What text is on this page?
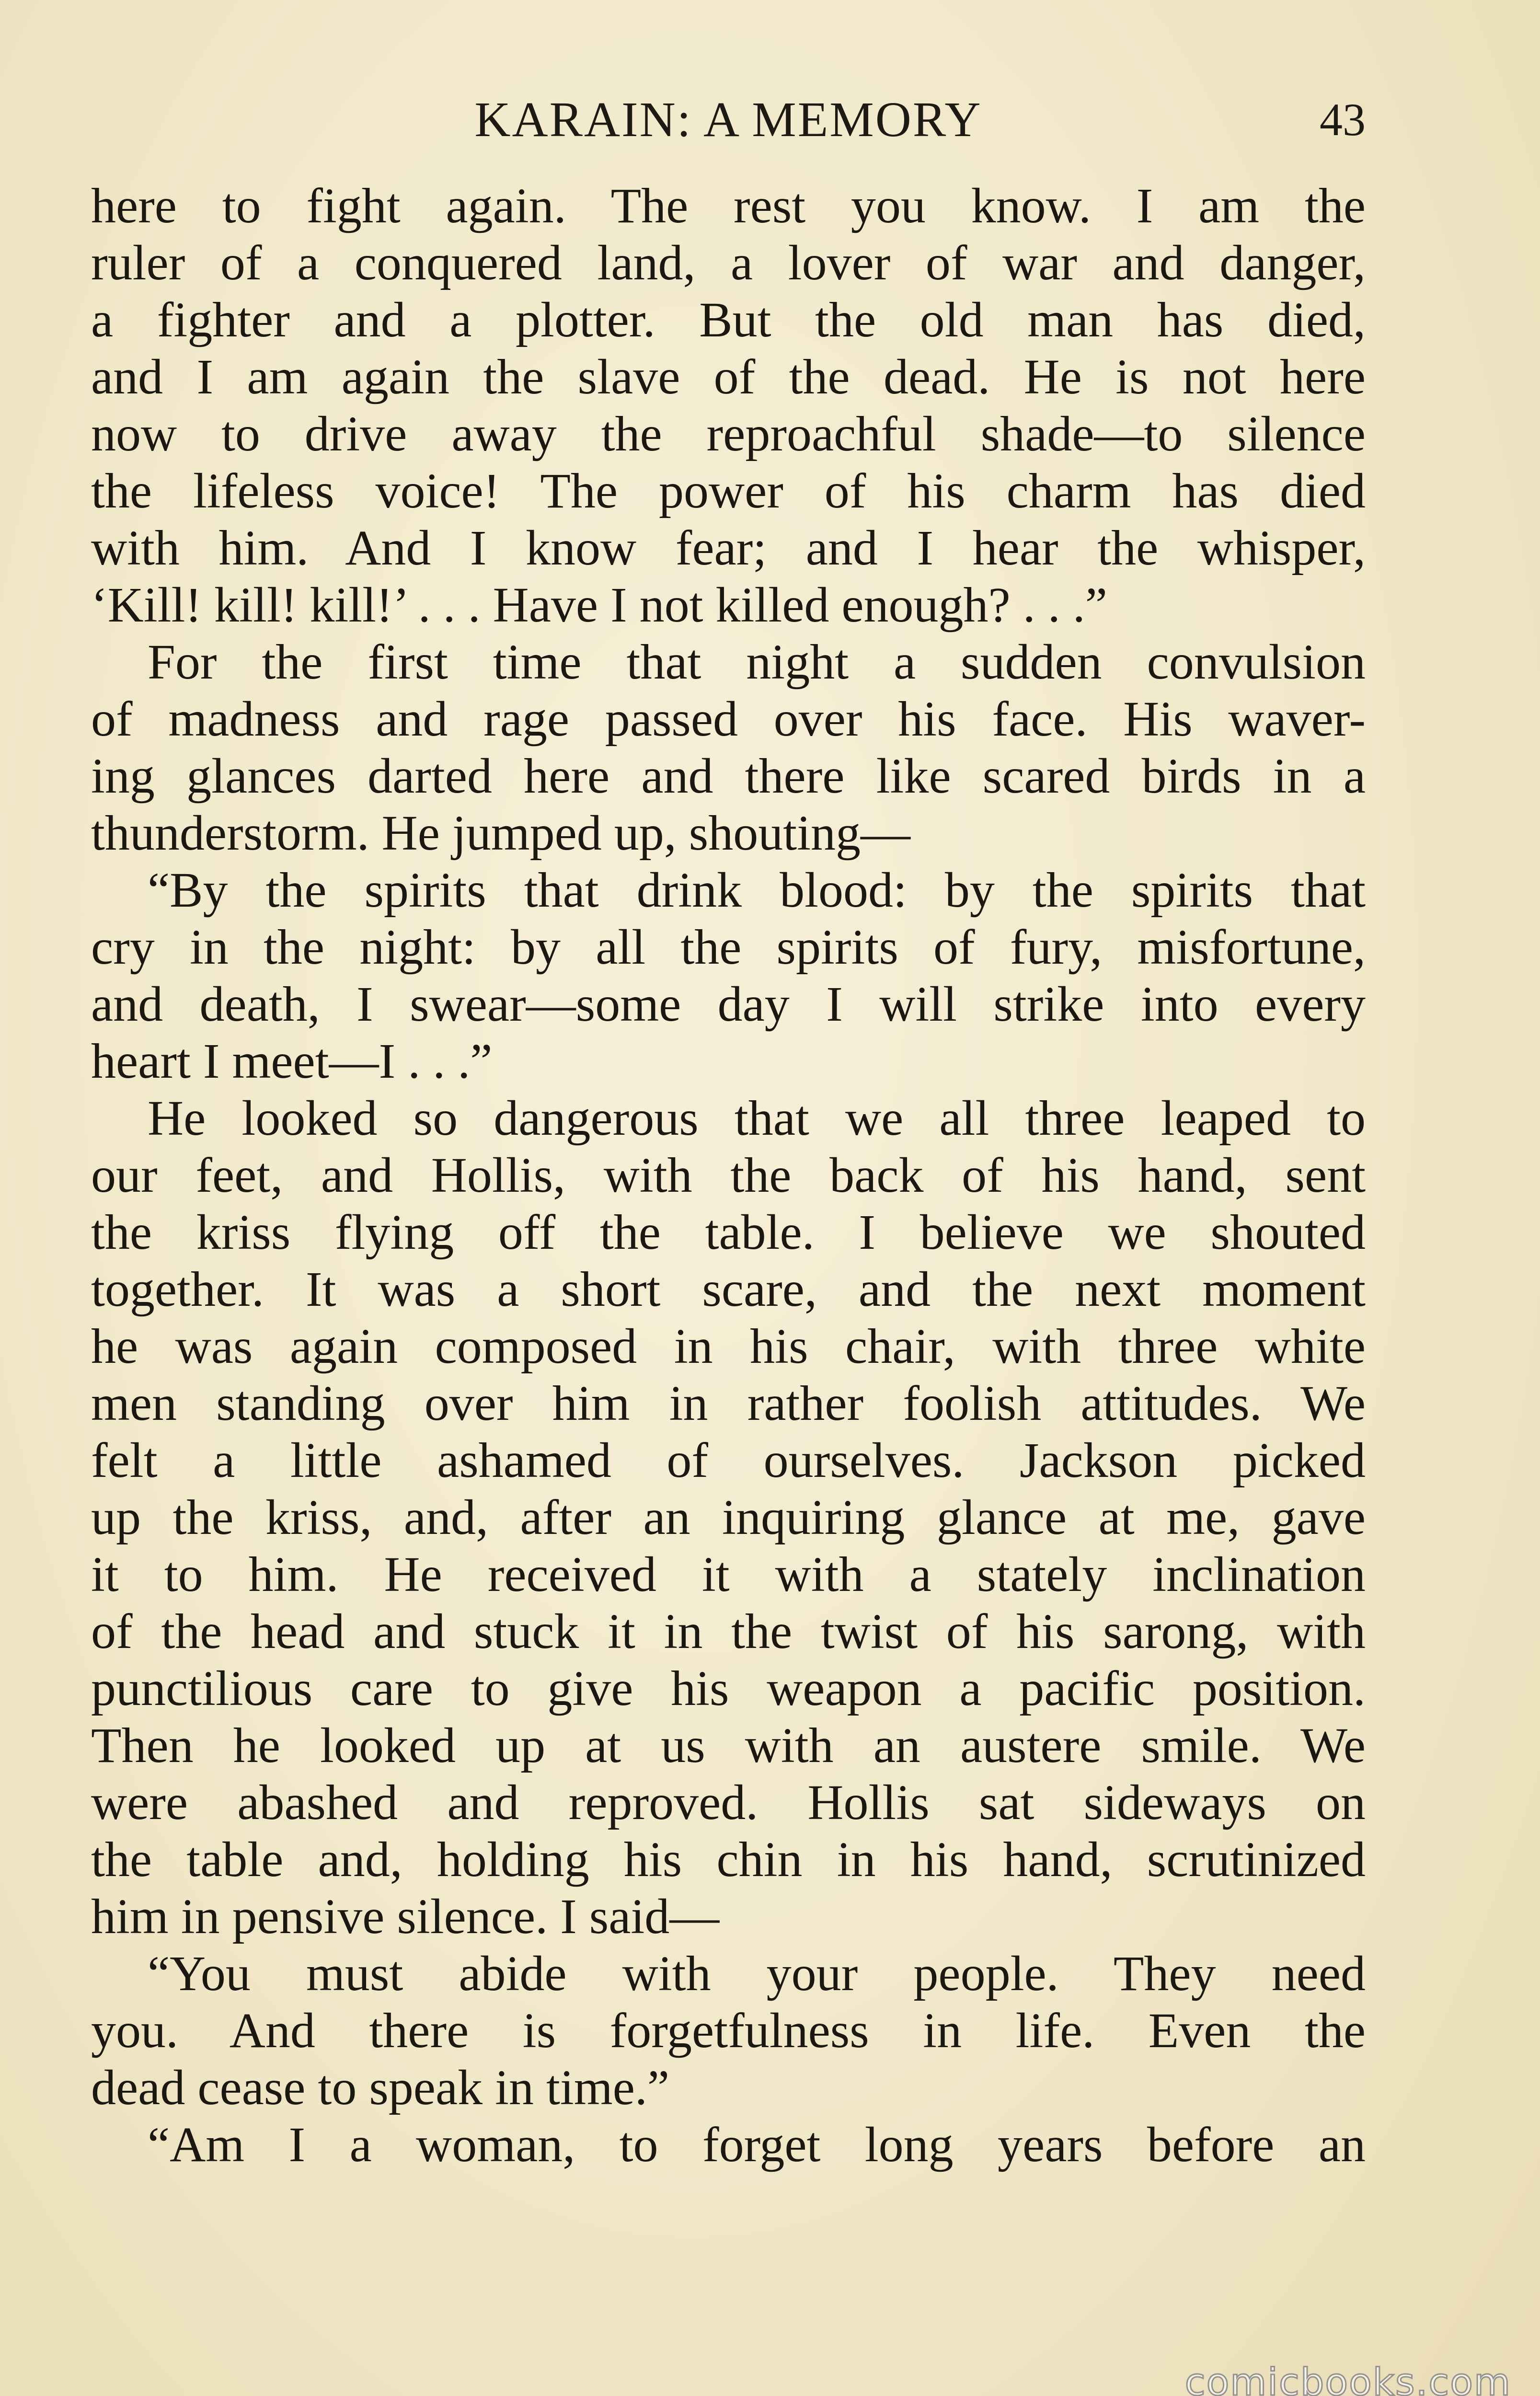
KARAIN: A MEMORY	43
here to fight again. The rest you know. I am the
ruler of a conquered land, a lover of war and danger,
a fighter and a plotter. But the old man has died,
and I am again the slave of the dead. He is not here
now to drive away the reproachful shade—to silence
the lifeless voice! The power of his charm has died
with him. And I know fear; and I hear the whisper,
‘Kill! kill! kill!’ . . . Have I not killed enough? . . .”
For the first time that night a sudden convulsion
of madness and rage passed over his face. His waver-
ing glances darted here and there like scared birds in a
thunderstorm. He jumped up, shouting—
“By the spirits that drink blood: by the spirits that
cry in the night: by all the spirits of fury, misfortune,
and death, I swear—some day I will strike into every
heart I meet—I . . .”
He looked so dangerous that we all three leaped to
our feet, and Hollis, with the back of his hand, sent
the kriss flying off the table. I believe we shouted
together. It was a short scare, and the next moment
he was again composed in his chair, with three white
men standing over him in rather foolish attitudes. We
felt a little ashamed of ourselves. Jackson picked
up the kriss, and, after an inquiring glance at me, gave
it to him. He received it with a stately inclination
of the head and stuck it in the twist of his sarong, with
punctilious care to give his weapon a pacific position.
Then he looked up at us with an austere smile. We
were abashed and reproved. Hollis sat sideways on
the table and, holding his chin in his hand, scrutinized
him in pensive silence. I said—
“You must abide with your people. They need
you. And there is forgetfulness in life. Even the
dead cease to speak in time.”
“Am I a woman, to forget long years before an
comicbooks.com
